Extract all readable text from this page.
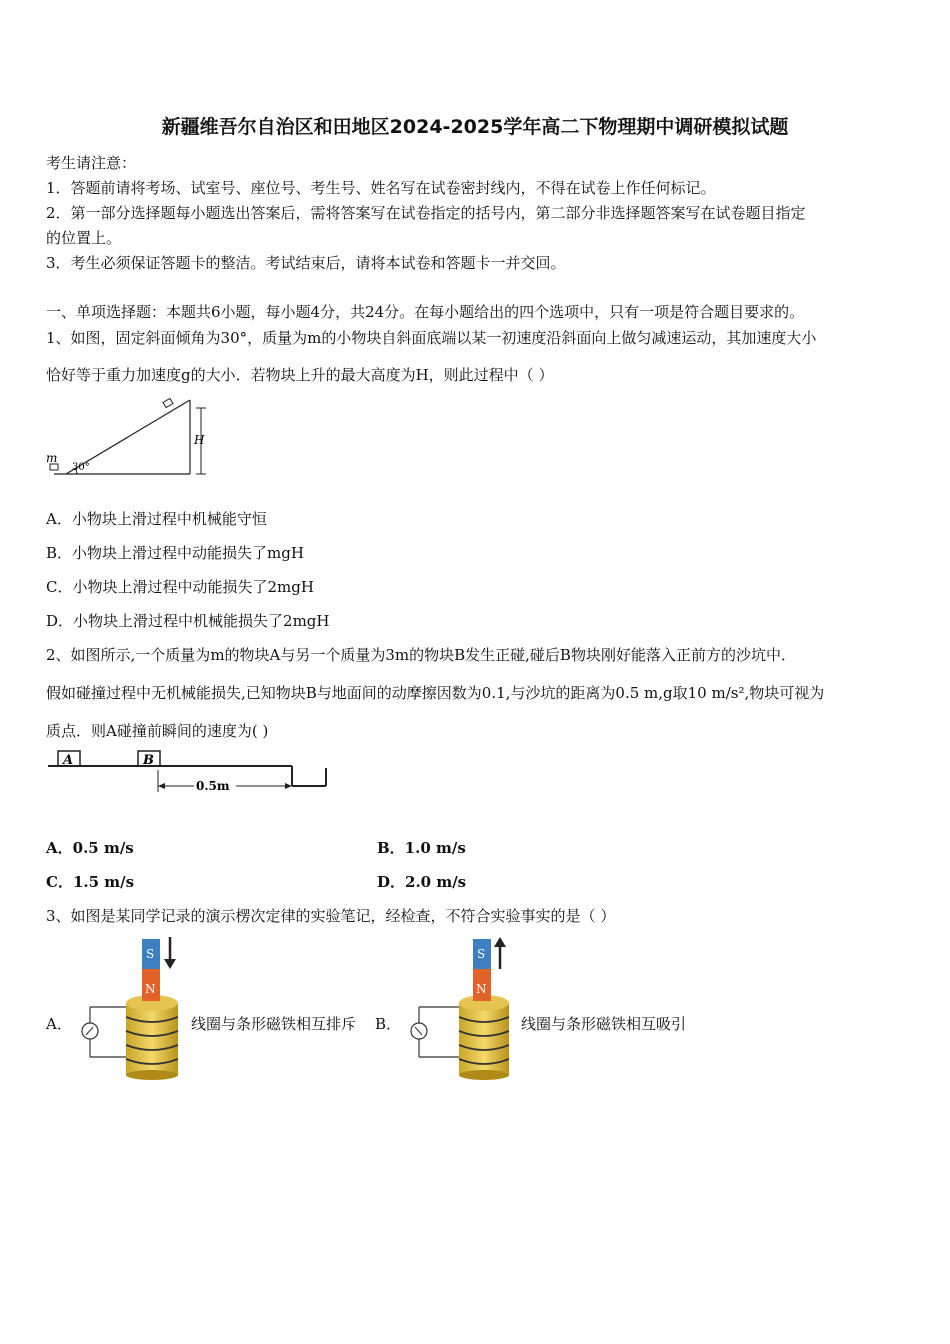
新疆维吾尔自治区和田地区2024-2025学年高二下物理期中调研模拟试题
考生请注意：
1．答题前请将考场、试室号、座位号、考生号、姓名写在试卷密封线内，不得在试卷上作任何标记。
2．第一部分选择题每小题选出答案后，需将答案写在试卷指定的括号内，第二部分非选择题答案写在试卷题目指定
的位置上。
3．考生必须保证答题卡的整洁。考试结束后，请将本试卷和答题卡一并交回。
一、单项选择题：本题共6小题，每小题4分，共24分。在每小题给出的四个选项中，只有一项是符合题目要求的。
1、如图，固定斜面倾角为30°，质量为m的小物块自斜面底端以某一初速度沿斜面向上做匀减速运动，其加速度大小
恰好等于重力加速度g的大小．若物块上升的最大高度为H，则此过程中（ ）
m
30°
H
A．小物块上滑过程中机械能守恒
B．小物块上滑过程中动能损失了mgH
C．小物块上滑过程中动能损失了2mgH
D．小物块上滑过程中机械能损失了2mgH
2、如图所示,一个质量为m的物块A与另一个质量为3m的物块B发生正碰,碰后B物块刚好能落入正前方的沙坑中．
假如碰撞过程中无机械能损失,已知物块B与地面间的动摩擦因数为0.1,与沙坑的距离为0.5 m,g取10 m/s²,物块可视为
质点．则A碰撞前瞬间的速度为( )
A	B
0.5m
A．0.5 m/s	B．1.0 m/s
C．1.5 m/s	D．2.0 m/s
3、如图是某同学记录的演示楞次定律的实验笔记，经检查，不符合实验事实的是（ ）
A．
S
N
线圈与条形磁铁相互排斥 B．
S
N
线圈与条形磁铁相互吸引
